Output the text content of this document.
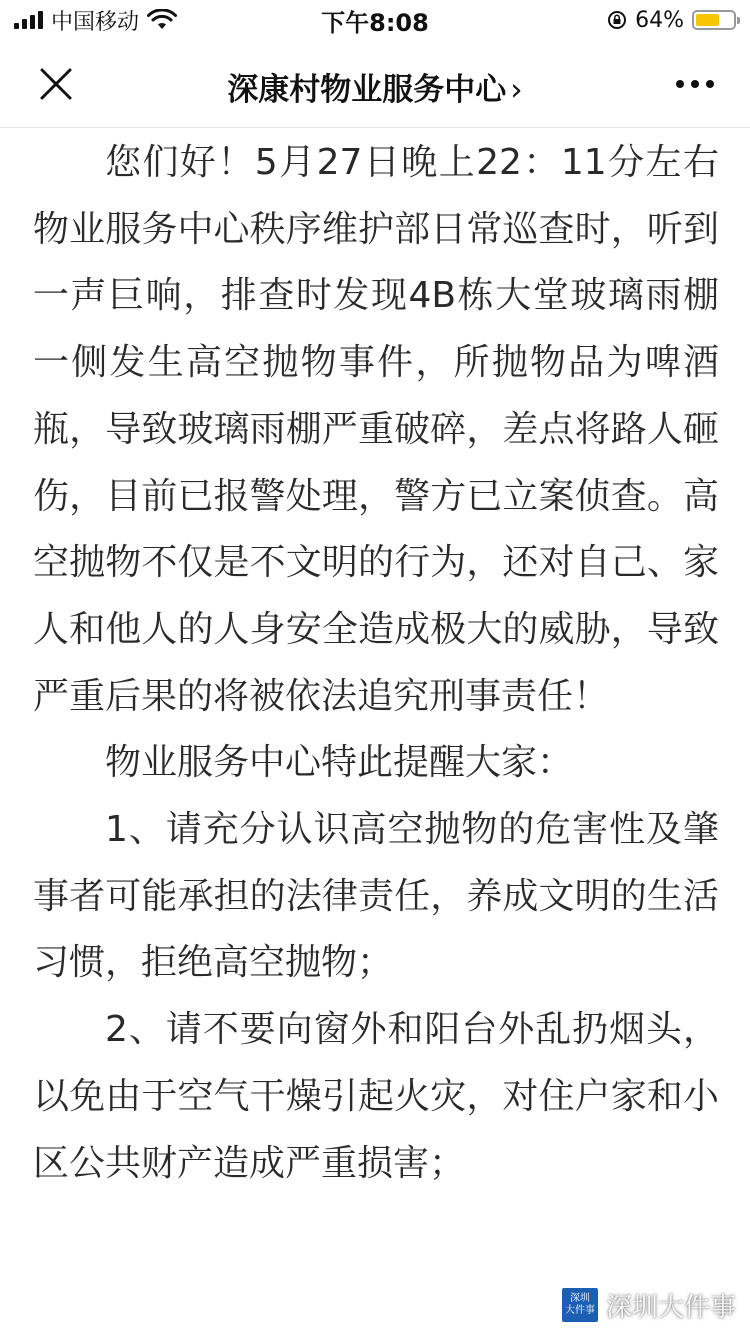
中国移动	下午8:08	64%
深康村物业服务中心 ›

您们好！5月27日晚上22：11分左右物业服务中心秩序维护部日常巡查时，听到一声巨响，排查时发现4B栋大堂玻璃雨棚一侧发生高空抛物事件，所抛物品为啤酒瓶，导致玻璃雨棚严重破碎，差点将路人砸伤，目前已报警处理，警方已立案侦查。高空抛物不仅是不文明的行为，还对自己、家人和他人的人身安全造成极大的威胁，导致严重后果的将被依法追究刑事责任！

物业服务中心特此提醒大家：

1、请充分认识高空抛物的危害性及肇事者可能承担的法律责任，养成文明的生活习惯，拒绝高空抛物；

2、请不要向窗外和阳台外乱扔烟头，以免由于空气干燥引起火灾，对住户家和小区公共财产造成严重损害；

深圳
大件事 深圳大件事
